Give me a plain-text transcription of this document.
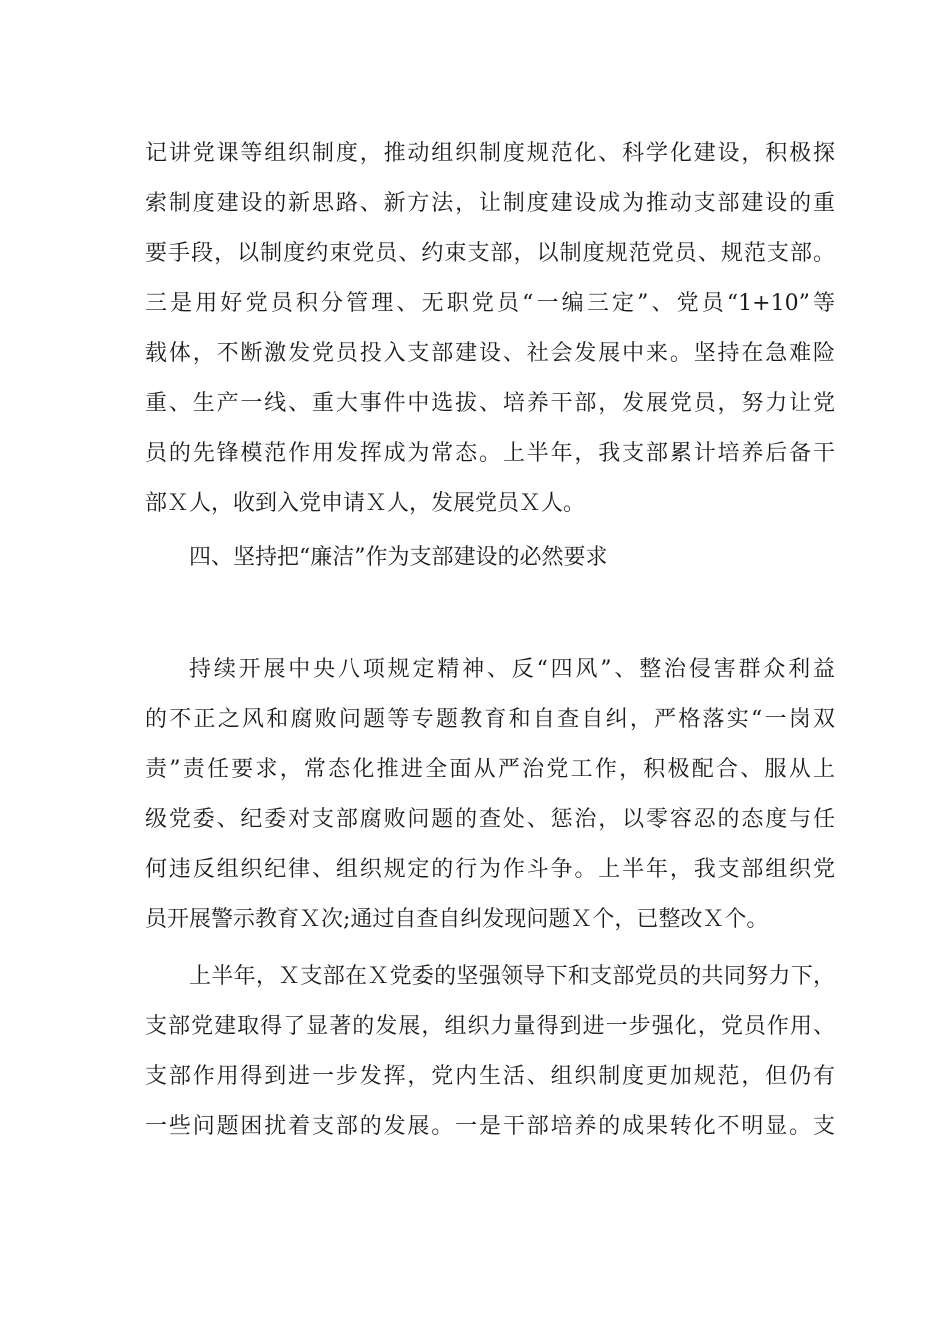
记讲党课等组织制度，推动组织制度规范化、科学化建设，积极探
索制度建设的新思路、新方法，让制度建设成为推动支部建设的重
要手段，以制度约束党员、约束支部，以制度规范党员、规范支部。
三是用好党员积分管理、无职党员“一编三定”、党员“1+10”等
载体，不断激发党员投入支部建设、社会发展中来。坚持在急难险
重、生产一线、重大事件中选拔、培养干部，发展党员，努力让党
员的先锋模范作用发挥成为常态。上半年，我支部累计培养后备干
部Ｘ人，收到入党申请Ｘ人，发展党员Ｘ人。
四、坚持把“廉洁”作为支部建设的必然要求
持续开展中央八项规定精神、反“四风”、整治侵害群众利益
的不正之风和腐败问题等专题教育和自查自纠，严格落实“一岗双
责”责任要求，常态化推进全面从严治党工作，积极配合、服从上
级党委、纪委对支部腐败问题的查处、惩治，以零容忍的态度与任
何违反组织纪律、组织规定的行为作斗争。上半年，我支部组织党
员开展警示教育Ｘ次;通过自查自纠发现问题Ｘ个，已整改Ｘ个。
上半年，Ｘ支部在Ｘ党委的坚强领导下和支部党员的共同努力下，
支部党建取得了显著的发展，组织力量得到进一步强化，党员作用、
支部作用得到进一步发挥，党内生活、组织制度更加规范，但仍有
一些问题困扰着支部的发展。一是干部培养的成果转化不明显。支
